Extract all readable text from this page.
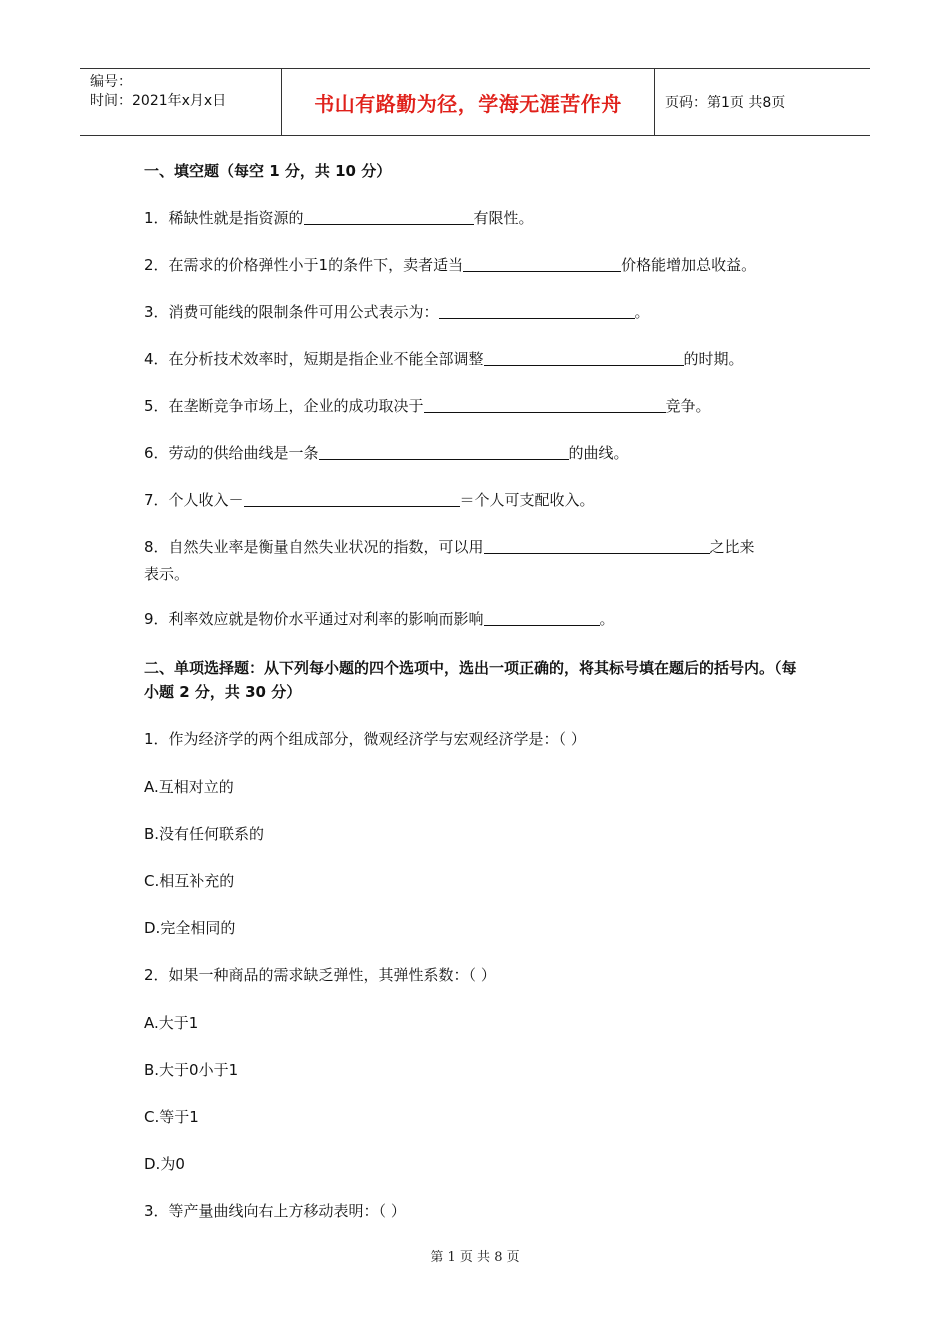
编号：
时间：2021年x月x日	书山有路勤为径，学海无涯苦作舟	页码：第1页 共8页
一、填空题（每空 1 分，共 10 分）
1．稀缺性就是指资源的	有限性。
2．在需求的价格弹性小于1的条件下，卖者适当	价格能增加总收益。
3．消费可能线的限制条件可用公式表示为：	。
4．在分析技术效率时，短期是指企业不能全部调整	的时期。
5．在垄断竞争市场上，企业的成功取决于	竞争。
6．劳动的供给曲线是一条	的曲线。
7．个人收入－	＝个人可支配收入。
8．自然失业率是衡量自然失业状况的指数，可以用	之比来
表示。
9．利率效应就是物价水平通过对利率的影响而影响	。
二、单项选择题：从下列每小题的四个选项中，选出一项正确的，将其标号填在题后的括号内。（每小题 2 分，共 30 分）
1．作为经济学的两个组成部分，微观经济学与宏观经济学是：（ ）
A.互相对立的
B.没有任何联系的
C.相互补充的
D.完全相同的
2．如果一种商品的需求缺乏弹性，其弹性系数：（ ）
A.大于1
B.大于0小于1
C.等于1
D.为0
3．等产量曲线向右上方移动表明：（ ）
第 1 页 共 8 页
